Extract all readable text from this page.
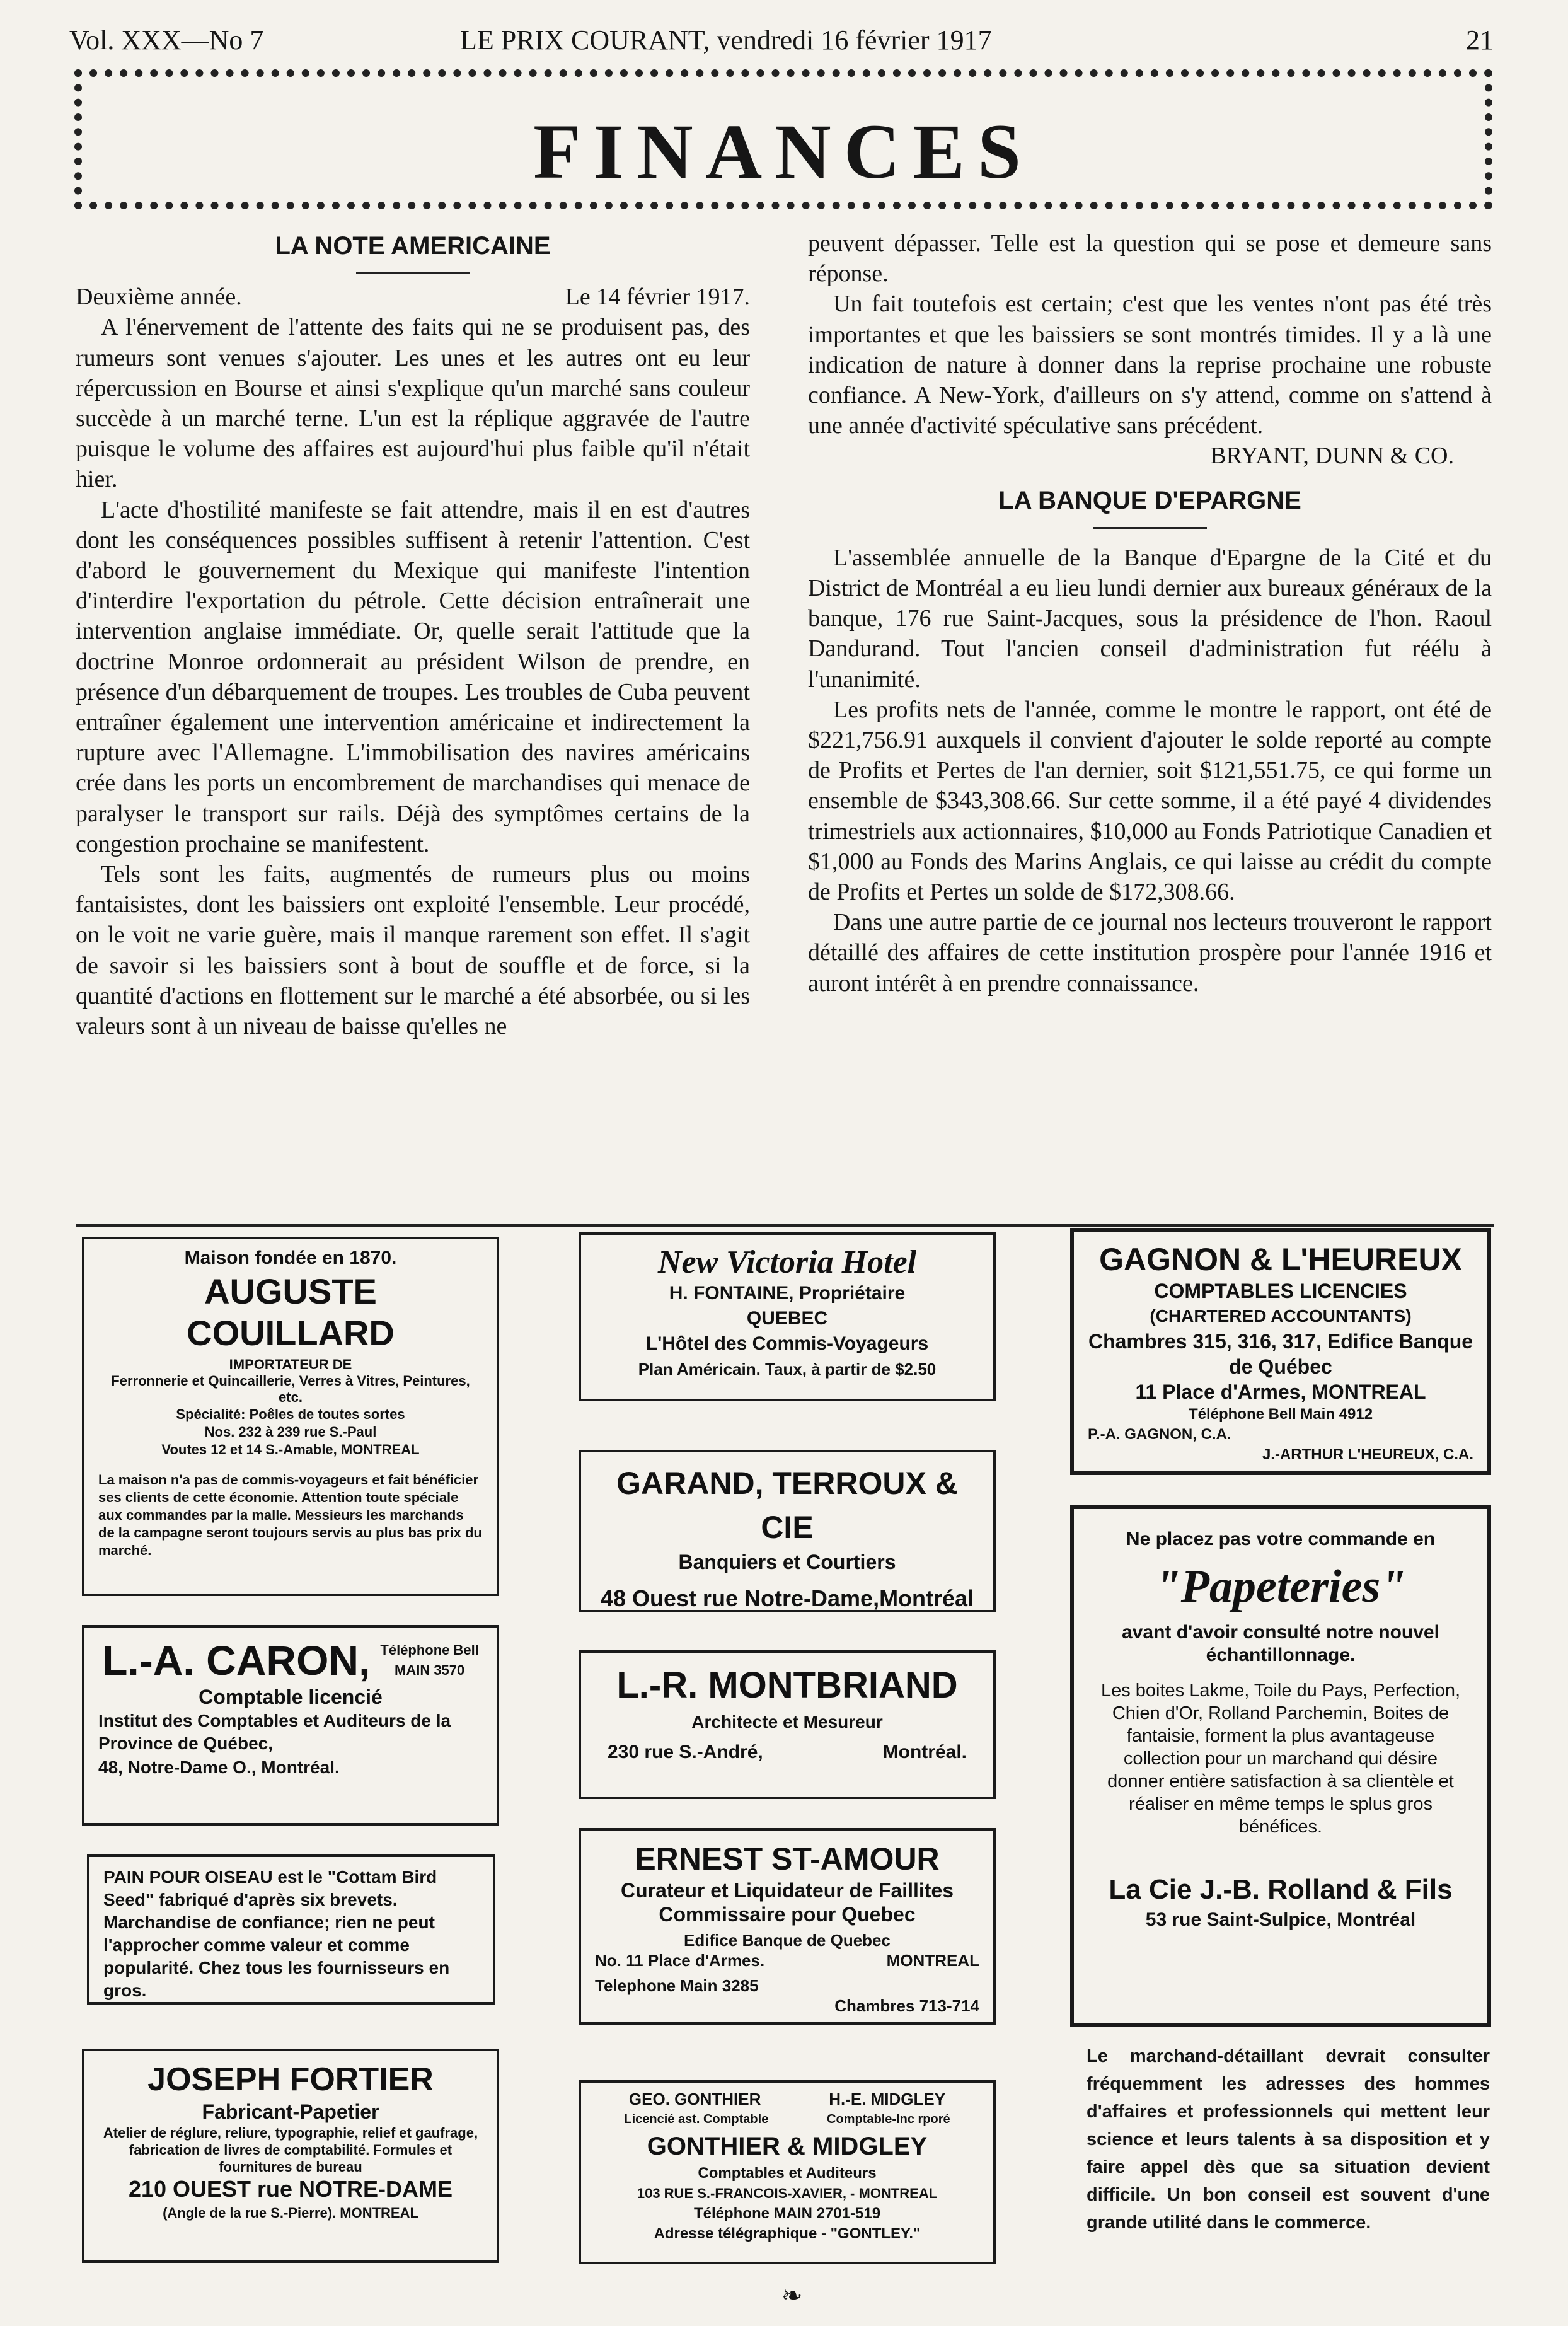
Vol. XXX—No 7	LE PRIX COURANT, vendredi 16 février 1917	21
FINANCES
LA NOTE AMERICAINE
Deuxième année.	Le 14 février 1917.

A l'énervement de l'attente des faits qui ne se produisent pas, des rumeurs sont venues s'ajouter. Les unes et les autres ont eu leur répercussion en Bourse et ainsi s'explique qu'un marché sans couleur succède à un marché terne. L'un est la réplique aggravée de l'autre puisque le volume des affaires est aujourd'hui plus faible qu'il n'était hier.

L'acte d'hostilité manifeste se fait attendre, mais il en est d'autres dont les conséquences possibles suffisent à retenir l'attention. C'est d'abord le gouvernement du Mexique qui manifeste l'intention d'interdire l'exportation du pétrole. Cette décision entraînerait une intervention anglaise immédiate. Or, quelle serait l'attitude que la doctrine Monroe ordonnerait au président Wilson de prendre, en présence d'un débarquement de troupes. Les troubles de Cuba peuvent entraîner également une intervention américaine et indirectement la rupture avec l'Allemagne. L'immobilisation des navires américains crée dans les ports un encombrement de marchandises qui menace de paralyser le transport sur rails. Déjà des symptômes certains de la congestion prochaine se manifestent.

Tels sont les faits, augmentés de rumeurs plus ou moins fantaisistes, dont les baissiers ont exploité l'ensemble. Leur procédé, on le voit ne varie guère, mais il manque rarement son effet. Il s'agit de savoir si les baissiers sont à bout de souffle et de force, si la quantité d'actions en flottement sur le marché a été absorbée, ou si les valeurs sont à un niveau de baisse qu'elles ne

peuvent dépasser. Telle est la question qui se pose et demeure sans réponse.

Un fait toutefois est certain; c'est que les ventes n'ont pas été très importantes et que les baissiers se sont montrés timides. Il y a là une indication de nature à donner dans la reprise prochaine une robuste confiance. A New-York, d'ailleurs on s'y attend, comme on s'attend à une année d'activité spéculative sans précédent.

BRYANT, DUNN & CO.
LA BANQUE D'EPARGNE

L'assemblée annuelle de la Banque d'Epargne de la Cité et du District de Montréal a eu lieu lundi dernier aux bureaux généraux de la banque, 176 rue Saint-Jacques, sous la présidence de l'hon. Raoul Dandurand. Tout l'ancien conseil d'administration fut réélu à l'unanimité.

Les profits nets de l'année, comme le montre le rapport, ont été de $221,756.91 auxquels il convient d'ajouter le solde reporté au compte de Profits et Pertes de l'an dernier, soit $121,551.75, ce qui forme un ensemble de $343,308.66. Sur cette somme, il a été payé 4 dividendes trimestriels aux actionnaires, $10,000 au Fonds Patriotique Canadien et $1,000 au Fonds des Marins Anglais, ce qui laisse au crédit du compte de Profits et Pertes un solde de $172,308.66.

Dans une autre partie de ce journal nos lecteurs trouveront le rapport détaillé des affaires de cette institution prospère pour l'année 1916 et auront intérêt à en prendre connaissance.

Maison fondée en 1870.
AUGUSTE COUILLARD
IMPORTATEUR DE
Ferronnerie et Quincaillerie, Verres à Vitres, Peintures, etc.
Spécialité: Poêles de toutes sortes
Nos. 232 à 239 rue S.-Paul
Voutes 12 et 14 S.-Amable, MONTREAL
La maison n'a pas de commis-voyageurs et fait bénéficier ses clients de cette économie. Attention toute spéciale aux commandes par la malle. Messieurs les marchands de la campagne seront toujours servis au plus bas prix du marché.
L.-A. CARON, Téléphone Bell
MAIN 3570
Comptable licencié
Institut des Comptables et Auditeurs de la Province de Québec,
48, Notre-Dame O., Montréal.
PAIN POUR OISEAU est le "Cottam Bird Seed" fabriqué d'après six brevets. Marchandise de confiance; rien ne peut l'approcher comme valeur et comme popularité. Chez tous les fournisseurs en gros.
JOSEPH FORTIER
Fabricant-Papetier
Atelier de réglure, reliure, typographie, relief et gaufrage, fabrication de livres de comptabilité. Formules et fournitures de bureau
210 OUEST rue NOTRE-DAME
(Angle de la rue S.-Pierre). MONTREAL
New Victoria Hotel
H. FONTAINE, Propriétaire
QUEBEC
L'Hôtel des Commis-Voyageurs
Plan Américain. Taux, à partir de $2.50
GARAND, TERROUX & CIE
Banquiers et Courtiers
48 Ouest rue Notre-Dame,Montréal
L.-R. MONTBRIAND
Architecte et Mesureur
230 rue S.-André,	Montréal.
ERNEST ST-AMOUR
Curateur et Liquidateur de Faillites
Commissaire pour Quebec
Edifice Banque de Quebec
No. 11 Place d'Armes.	MONTREAL
Telephone Main 3285
Chambres 713-714
GEO. GONTHIER	H.-E. MIDGLEY
Licencié ast. Comptable	Comptable-Inc rporé
GONTHIER & MIDGLEY
Comptables et Auditeurs
103 RUE S.-FRANCOIS-XAVIER, - MONTREAL
Téléphone MAIN 2701-519
Adresse télégraphique - "GONTLEY."
GAGNON & L'HEUREUX
COMPTABLES LICENCIES
(CHARTERED ACCOUNTANTS)
Chambres 315, 316, 317, Edifice Banque de Québec
11 Place d'Armes, MONTREAL
Téléphone Bell Main 4912
P.-A. GAGNON, C.A.
J.-ARTHUR L'HEUREUX, C.A.
Ne placez pas votre commande en
"Papeteries"
avant d'avoir consulté notre nouvel échantillonnage.
Les boites Lakme, Toile du Pays, Perfection, Chien d'Or, Rolland Parchemin, Boites de fantaisie, forment la plus avantageuse collection pour un marchand qui désire donner entière satisfaction à sa clientèle et réaliser en même temps le splus gros bénéfices.
La Cie J.-B. Rolland & Fils
53 rue Saint-Sulpice, Montréal
Le marchand-détaillant devrait consulter fréquemment les adresses des hommes d'affaires et professionnels qui mettent leur science et leurs talents à sa disposition et y faire appel dès que sa situation devient difficile. Un bon conseil est souvent d'une grande utilité dans le commerce.
❧
